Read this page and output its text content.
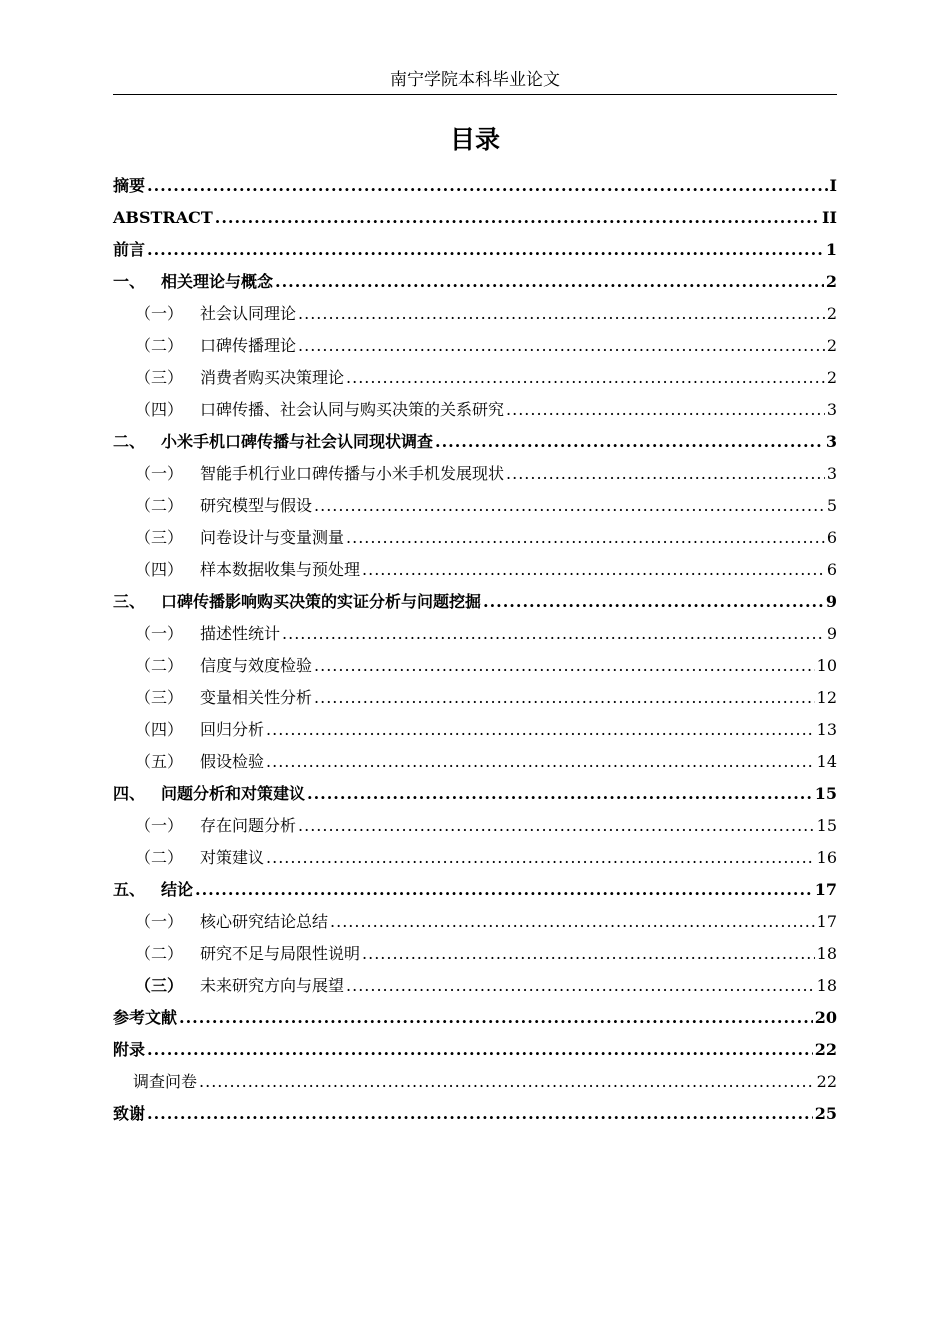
南宁学院本科毕业论文
目录
摘要 .....	I
ABSTRACT .....	II
前言 .....	1
一、 相关理论与概念 .....	2
（一）	社会认同理论 .....	2
（二）	口碑传播理论 .....	2
（三）	消费者购买决策理论 .....	2
（四）	口碑传播、社会认同与购买决策的关系研究 .....	3
二、 小米手机口碑传播与社会认同现状调查 .....	3
（一）	智能手机行业口碑传播与小米手机发展现状 .....	3
（二）	研究模型与假设 .....	5
（三）	问卷设计与变量测量 .....	6
（四）	样本数据收集与预处理 .....	6
三、 口碑传播影响购买决策的实证分析与问题挖掘 .....	9
（一）	描述性统计 .....	9
（二）	信度与效度检验 .....	10
（三）	变量相关性分析 .....	12
（四）	回归分析 .....	13
（五）	假设检验 .....	14
四、 问题分析和对策建议 .....	15
（一）	存在问题分析 .....	15
（二）	对策建议 .....	16
五、 结论 .....	17
（一）	核心研究结论总结 .....	17
（二）	研究不足与局限性说明 .....	18
（三）	未来研究方向与展望 .....	18
参考文献 .....	20
附录 .....	22
调查问卷 .....	22
致谢 .....	25
